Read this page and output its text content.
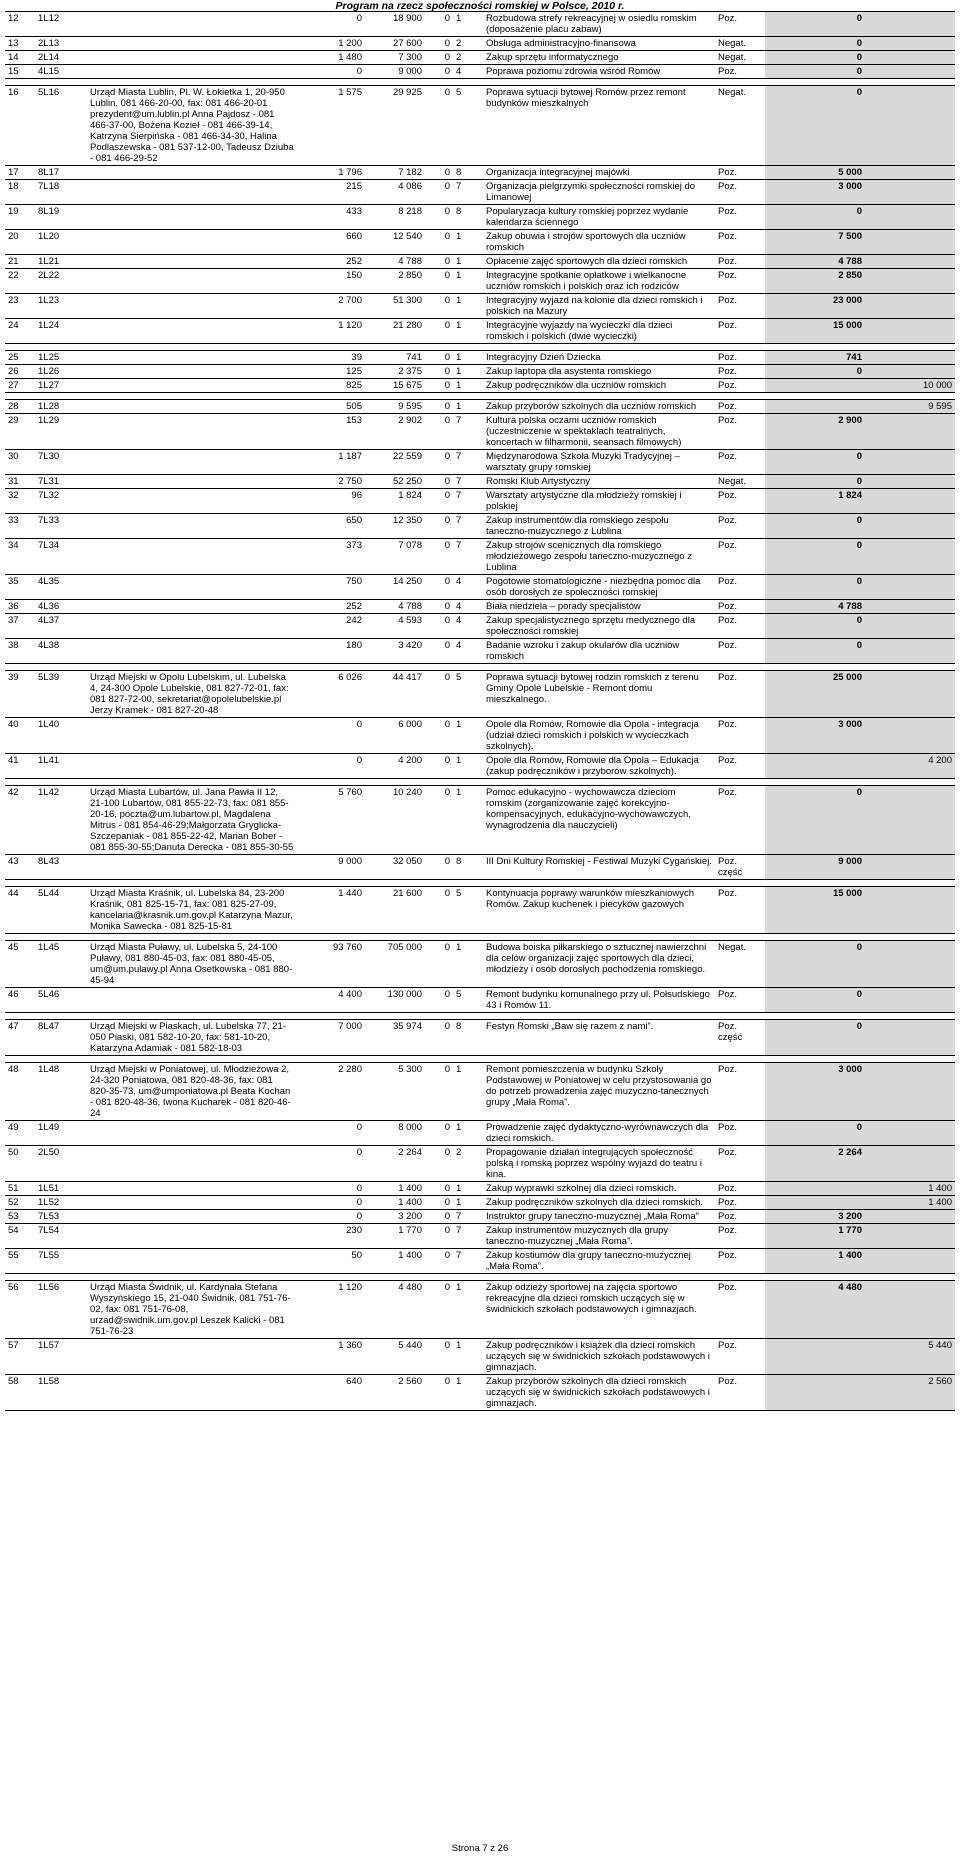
Program na rzecz społeczności romskiej w Polsce, 2010 r.
12	1L12		0	18 900	0	1	Rozbudowa strefy rekreacyjnej w osiedlu romskim (doposażenie placu zabaw)	Poz.	0	
13	2L13		1 200	27 600	0	2	Obsługa administracyjno-finansowa	Negat.	0	
14	2L14		1 480	7 300	0	2	Zakup sprzętu informatycznego	Negat.	0	
15	4L15		0	9 000	0	4	Poprawa poziomu zdrowia wśród Romów	Poz.	0	

16	5L16	Urząd Miasta Lublin, Pl. W. Łokietka 1, 20-950 Lublin, 081 466-20-00, fax: 081 466-20-01 prezydent@um.lublin.pl Anna Pajdosz - 081 466-37-00, Bożena Kozieł - 081 466-39-14, Katrzyna Sierpińska - 081 466-34-30, Halina Podlaszewska - 081 537-12-00, Tadeusz Dziuba - 081 466-29-52	1 575	29 925	0	5	Poprawa sytuacji bytowej Romów przez remont budynków mieszkalnych	Negat.	0	
17	8L17		1 796	7 182	0	8	Organizacja integracyjnej majówki	Poz.	5 000	
18	7L18		215	4 086	0	7	Organizacja pielgrzymki społeczności romskiej do Limanowej	Poz.	3 000	
19	8L19		433	8 218	0	8	Popularyzacja kultury romskiej poprzez wydanie kalendarza ściennego	Poz.	0	
20	1L20		660	12 540	0	1	Zakup obuwia i strojów sportowych dla uczniów romskich	Poz.	7 500	
21	1L21		252	4 788	0	1	Opłacenie zajęć sportowych dla dzieci romskich	Poz.	4 788	
22	2L22		150	2 850	0	1	Integracyjne spotkanie opłatkowe i wielkanocne uczniów romskich i polskich oraz ich rodziców	Poz.	2 850	
23	1L23		2 700	51 300	0	1	Integracyjny wyjazd na kolonie dla dzieci romskich i polskich na Mazury	Poz.	23 000	
24	1L24		1 120	21 280	0	1	Integracyjne wyjazdy na wycieczki dla dzieci romskich i polskich (dwie wycieczki)	Poz.	15 000	

25	1L25		39	741	0	1	Integracyjny Dzień Dziecka	Poz.	741	
26	1L26		125	2 375	0	1	Zakup laptopa dla asystenta romskiego	Poz.	0	
27	1L27		825	15 675	0	1	Zakup podręczników dla uczniów romskich	Poz.		10 000

28	1L28		505	9 595	0	1	Zakup przyborów szkolnych dla uczniów romskich	Poz.		9 595
29	1L29		153	2 902	0	7	Kultura polska oczami uczniów romskich (uczestniczenie w spektaklach teatralnych, koncertach w filharmonii, seansach filmowych)	Poz.	2 900	
30	7L30		1 187	22 559	0	7	Międzynarodowa Szkoła Muzyki Tradycyjnej – warsztaty grupy romskiej	Poz.	0	
31	7L31		2 750	52 250	0	7	Romski Klub Artystyczny	Negat.	0	
32	7L32		96	1 824	0	7	Warsztaty artystyczne dla młodzieży romskiej i polskiej	Poz.	1 824	
33	7L33		650	12 350	0	7	Zakup instrumentów dla romskiego zespołu taneczno-muzycznego z Lublina	Poz.	0	
34	7L34		373	7 078	0	7	Zakup strojów scenicznych dla romskiego młodzieżowego zespołu taneczno-muzycznego z Lublina	Poz.	0	
35	4L35		750	14 250	0	4	Pogotowie stomatologiczne - niezbędna pomoc dla osób dorosłych ze społeczności romskiej	Poz.	0	
36	4L36		252	4 788	0	4	Biała niedziela – porady specjalistów	Poz.	4 788	
37	4L37		242	4 593	0	4	Zakup specjalistycznego sprzętu medycznego dla społeczności romskiej	Poz.	0	
38	4L38		180	3 420	0	4	Badanie wzroku i zakup okularów dla uczniów romskich	Poz.	0	

39	5L39	Urząd Miejski w Opolu Lubelskim, ul. Lubelska 4, 24-300 Opole Lubelskie, 081 827-72-01, fax: 081 827-72-00, sekretariat@opolelubelskie.pl Jerzy Kramek - 081 827-20-48	6 026	44 417	0	5	Poprawa sytuacji bytowej rodzin romskich z terenu Gminy Opole Lubelskie - Remont domu mieszkalnego.	Poz.	25 000	
40	1L40		0	6 000	0	1	Opole dla Romów, Romowie dla Opola - integracja (udział dzieci romskich i polskich w wycieczkach szkolnych).	Poz.	3 000	
41	1L41		0	4 200	0	1	Opole dla Romów, Romowie dla Opola – Edukacja (zakup podręczników i przyborów szkolnych).	Poz.		4 200

42	1L42	Urząd Miasta Lubartów, ul. Jana Pawła II 12, 21-100 Lubartów, 081 855-22-73, fax: 081 855-20-16, poczta@um.lubartow.pl, Magdalena Mitrus - 081 854-46-29;Małgorzata Gryglicka-Szczepaniak - 081 855-22-42, Marian Bober - 081 855-30-55;Danuta Derecka - 081 855-30-55	5 760	10 240	0	1	Pomoc edukacyjno - wychowawcza dzieciom romskim (zorganizowanie zajęć korekcyjno-kompensacyjnych, edukacyjno-wychowawczych, wynagrodzenia dla nauczycieli)	Poz.	0	
43	8L43		9 000	32 050	0	8	III Dni Kultury Romskiej - Festiwal Muzyki Cygańskiej.	Poz. część	9 000	

44	5L44	Urząd Miasta Kraśnik, ul. Lubelska 84, 23-200 Kraśnik, 081 825-15-71, fax: 081 825-27-09, kancelaria@krasnik.um.gov.pl Katarzyna Mazur, Monika Sawecka - 081 825-15-81	1 440	21 600	0	5	Kontynuacja poprawy warunków mieszkaniowych Romów. Zakup kuchenek i piecyków gazowych	Poz.	15 000	

45	1L45	Urząd Miasta Puławy, ul. Lubelska 5, 24-100 Puławy, 081 880-45-03, fax: 081 880-45-05, um@um.pulawy.pl Anna Osetkowska - 081 880-45-94	93 760	705 000	0	1	Budowa boiska piłkarskiego o sztucznej nawierzchni dla celów organizacji zajęć sportowych dla dzieci, młodzieży i osób dorosłych pochodzenia romskiego.	Negat.	0	
46	5L46		4 400	130 000	0	5	Remont budynku komunalnego przy ul. Połsudskiego 43 i Romów 11.	Poz.	0	

47	8L47	Urząd Miejski w Piaskach, ul. Lubelska 77, 21-050 Piaski, 081 582-10-20, fax: 581-10-20, Katarzyna Adamiak - 081 582-18-03	7 000	35 974	0	8	Festyn Romski „Baw się razem z nami”.	Poz. część	0	

48	1L48	Urząd Miejski w Poniatowej, ul. Młodzieżowa 2, 24-320 Poniatowa, 081 820-48-36, fax: 081 820-35-73, um@umponiatowa.pl Beata Kochan - 081 820-48-36, Iwona Kucharek - 081 820-46-24	2 280	5 300	0	1	Remont pomieszczenia w budynku Szkoły Podstawowej w Poniatowej w celu przystosowania go do potrzeb prowadzenia zajęć muzyczno-tanecznych grupy „Mała Roma”.	Poz.	3 000	
49	1L49		0	8 000	0	1	Prowadzenie zajęć dydaktyczno-wyrównawczych dla dzieci romskich.	Poz.	0	
50	2L50		0	2 264	0	2	Propagowanie działań integrujących społeczność polską i romską poprzez wspólny wyjazd do teatru i kina.	Poz.	2 264	
51	1L51		0	1 400	0	1	Zakup wyprawki szkolnej dla dzieci romskich.	Poz.		1 400
52	1L52		0	1 400	0	1	Zakup podręczników szkolnych dla dzieci romskich.	Poz.		1 400
53	7L53		0	3 200	0	7	Instruktor grupy taneczno-muzycznej „Mała Roma”	Poz.	3 200	
54	7L54		230	1 770	0	7	Zakup instrumentów muzycznych dla grupy taneczno-muzycznej „Mała Roma”.	Poz.	1 770	
55	7L55		50	1 400	0	7	Zakup kostiumów dla grupy taneczno-muzycznej „Mała Roma”.	Poz.	1 400	

56	1L56	Urząd Miasta Świdnik, ul. Kardynała Stefana Wyszyńskiego 15, 21-040 Świdnik, 081 751-76-02, fax: 081 751-76-08, urzad@swidnik.um.gov.pl Leszek Kalicki - 081 751-76-23	1 120	4 480	0	1	Zakup odzieży sportowej na zajęcia sportowo rekreacyjne dla dzieci romskich uczących się w świdnickich szkołach podstawowych i gimnazjach.	Poz.	4 480	
57	1L57		1 360	5 440	0	1	Zakup podręczników i książek dla dzieci romskich uczących się w świdnickich szkołach podstawowych i gimnazjach.	Poz.		5 440
58	1L58		640	2 560	0	1	Zakup przyborów szkolnych dla dzieci romskich uczących się w świdnickich szkołach podstawowych i gimnazjach.	Poz.		2 560
Strona 7 z 26
